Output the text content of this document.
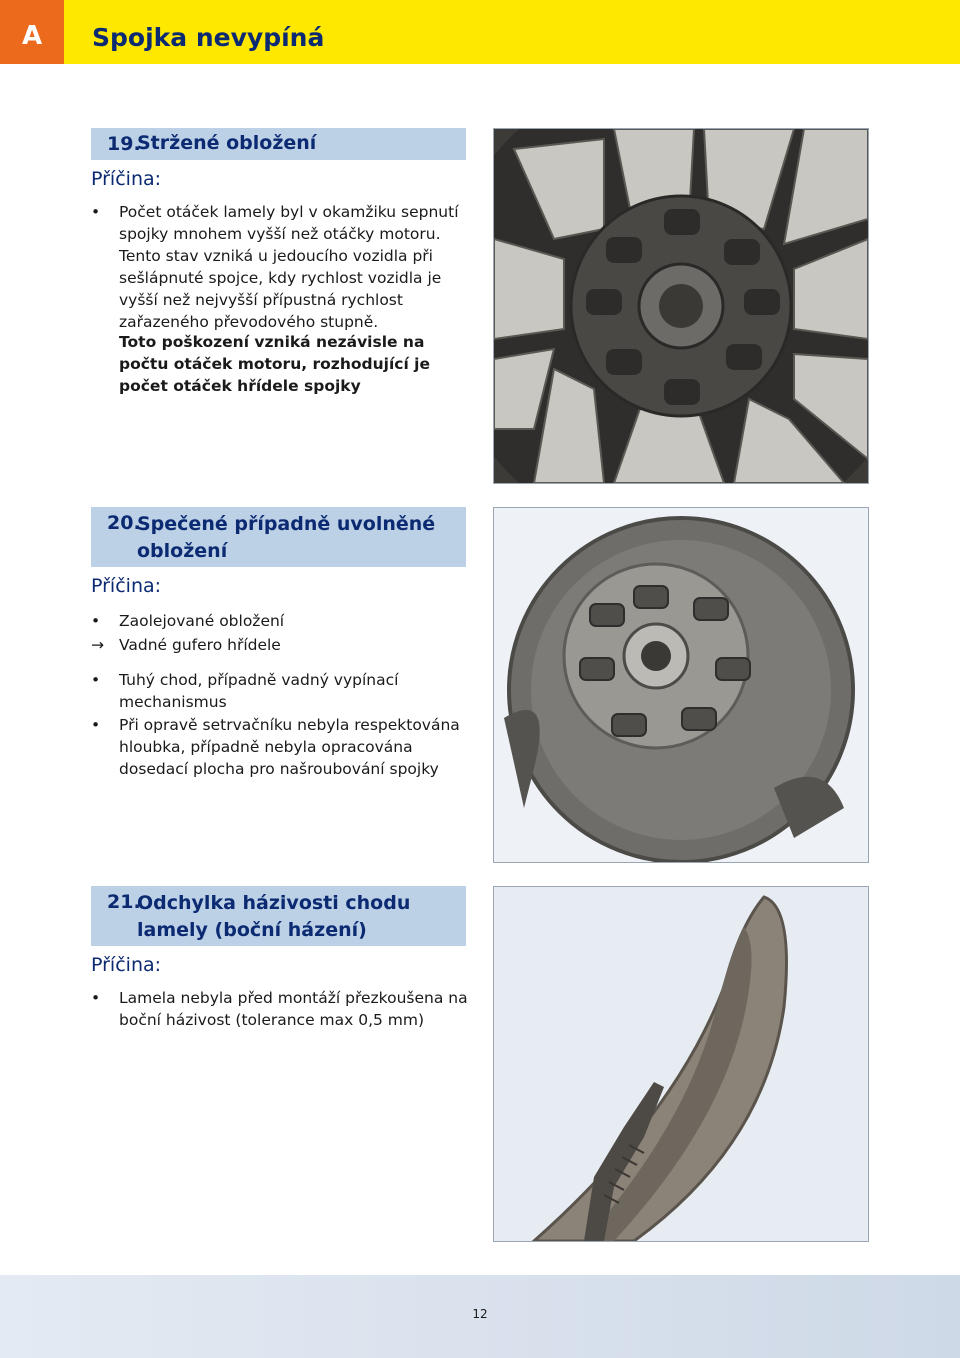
A	Spojka nevypíná
19.
Stržené obložení
Příčina:
•	Počet otáček lamely byl v okamžiku sepnutí spojky mnohem vyšší než otáčky motoru. Tento stav vzniká u jedoucího vozidla při sešlápnuté spojce, kdy rychlost vozidla je vyšší než nejvyšší přípustná rychlost zařazeného převodového stupně.
Toto poškození vzniká nezávisle na počtu otáček motoru, rozhodující je počet otáček hřídele spojky
20.
Spečené případně uvolněné obložení
Příčina:
•	Zaolejované obložení
→ Vadné gufero hřídele
•	Tuhý chod, případně vadný vypínací mechanismus
•	Při opravě setrvačníku nebyla respektována hloubka, případně nebyla opracována dosedací plocha pro našroubování spojky
21.
Odchylka házivosti chodu lamely (boční házení)
Příčina:
•	Lamela nebyla před montáží přezkoušena na boční házivost (tolerance max 0,5 mm)
12
